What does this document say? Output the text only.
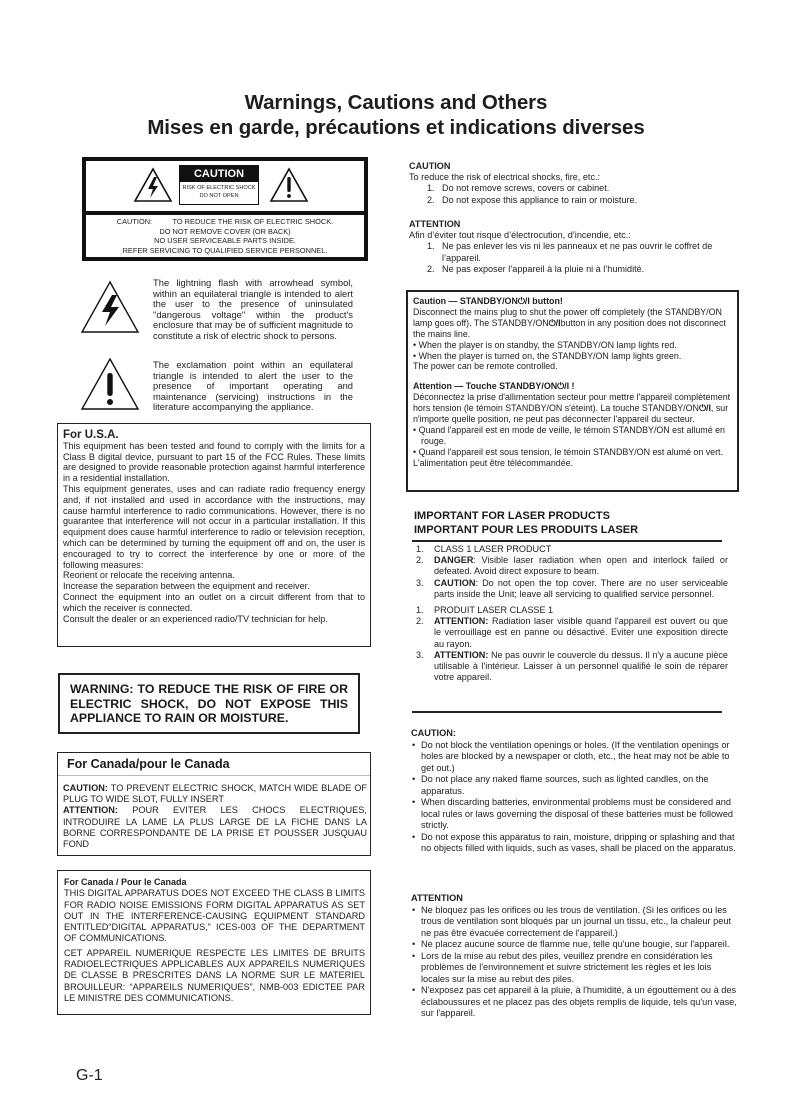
Warnings, Cautions and Others
Mises en garde, précautions et indications diverses
CAUTION
RISK OF ELECTRIC SHOCK
DO NOT OPEN
CAUTION:          TO REDUCE THE RISK OF ELECTRIC SHOCK.
DO NOT REMOVE COVER (OR BACK)
NO USER SERVICEABLE PARTS INSIDE.
REFER SERVICING TO QUALIFIED SERVICE PERSONNEL.
The lightning flash with arrowhead symbol, within an equilateral triangle is intended to alert the user to the presence of uninsulated "dangerous voltage" within the product's enclosure that may be of sufficient magnitude to constitute a risk of electric shock to persons.
The exclamation point within an equilateral triangle is intended to alert the user to the presence of important operating and maintenance (servicing) instructions in the literature accompanying the appliance.
For U.S.A.

This equipment has been tested and found to comply with the limits for a Class B digital device, pursuant to part 15 of the FCC Rules. These limits are designed to provide reasonable protection against harmful interference in a residential installation.

This equipment generates, uses and can radiate radio frequency energy and, if not installed and used in accordance with the instructions, may cause harmful interference to radio communications. However, there is no guarantee that interference will not occur in a particular installation. If this equipment does cause harmful interference to radio or television reception, which can be determined by turning the equipment off and on, the user is encouraged to try to correct the interference by one or more of the following measures:

Reorient or relocate the receiving antenna.

Increase the separation between the equipment and receiver.

Connect the equipment into an outlet on a circuit different from that to which the receiver is connected.

Consult the dealer or an experienced radio/TV technician for help.

WARNING: TO REDUCE THE RISK OF FIRE OR ELECTRIC SHOCK, DO NOT EXPOSE THIS APPLIANCE TO RAIN OR MOISTURE.
For Canada/pour le Canada
CAUTION: TO PREVENT ELECTRIC SHOCK, MATCH WIDE BLADE OF PLUG TO WIDE SLOT, FULLY INSERT
ATTENTION: POUR EVITER LES CHOCS ELECTRIQUES, INTRODUIRE LA LAME LA PLUS LARGE DE LA FICHE DANS LA BORNE CORRESPONDANTE DE LA PRISE ET POUSSER JUSQUAU FOND
For Canada / Pour le Canada

THIS DIGITAL APPARATUS DOES NOT EXCEED THE CLASS B LIMITS FOR RADIO NOISE EMISSIONS FORM DIGITAL APPARATUS AS SET OUT IN THE INTERFERENCE-CAUSING EQUIPMENT STANDARD ENTITLED“DIGITAL APPARATUS,” ICES-003 OF THE DEPARTMENT OF COMMUNICATIONS.

CET APPAREIL NUMERIQUE RESPECTE LES LIMITES DE BRUITS RADIOELECTRIQUES APPLICABLES AUX APPAREILS NUMERIQUES DE CLASSE B PRESCRITES DANS LA NORME SUR LE MATERIEL BROUILLEUR: “APPAREILS NUMERIQUES”, NMB-003 EDICTEE PAR LE MINISTRE DES COMMUNICATIONS.

CAUTION
To reduce the risk of electrical shocks, fire, etc.:
1. Do not remove screws, covers or cabinet.
2. Do not expose this appliance to rain or moisture.
ATTENTION
Afin d’éviter tout risque d’électrocution, d’incendie, etc.:
1. Ne pas enlever les vis ni les panneaux et ne pas ouvrir le coffret de l’appareil.
2. Ne pas exposer l’appareil à la pluie ni à l’humidité.
Caution — STANDBY/ON⏻/I button!
Disconnect the mains plug to shut the power off completely (the STANDBY/ON lamp goes off). The STANDBY/ON⏻/Ibutton in any position does not disconnect the mains line.
• When the player is on standby, the STANDBY/ON lamp lights red.
• When the player is turned on, the STANDBY/ON lamp lights green.
The power can be remote controlled.
Attention — Touche STANDBY/ON⏻/I !
Déconnectez la prise d'allimentation secteur pour mettre l'appareil complètement hors tension (le témoin STANDBY/ON s'éteint). La touche STANDBY/ON⏻/I, sur n'importe quelle position, ne peut pas déconnecter l'appareil du secteur.
• Quand l'appareil est en mode de veille, le témoin STANDBY/ON est allumé en rouge.
• Quand l'appareil est sous tension, le témoin STANDBY/ON est alumé on vert.
L'alimentation peut être télécommandée.
IMPORTANT FOR LASER PRODUCTS
IMPORTANT POUR LES PRODUITS LASER
1. CLASS 1 LASER PRODUCT
2. DANGER: Visible laser radiation when open and interlock failed or defeated. Avoid direct exposure to beam.
3. CAUTION: Do not open the top cover. There are no user serviceable parts inside the Unit; leave all servicing to qualified service personnel.
1. PRODUIT LASER CLASSE 1
2. ATTENTION: Radiation laser visible quand l'appareil est ouvert ou que le verrouillage est en panne ou désactivé. Eviter une exposition directe au rayon.
3. ATTENTION: Ne pas ouvrir le couvercle du dessus. Il n'y a aucune pièce utilisable à l'intérieur. Laisser à un personnel qualifié le soin de réparer votre appareil.
CAUTION:
• Do not block the ventilation openings or holes. (If the ventilation openings or holes are blocked by a newspaper or cloth, etc., the heat may not be able to get out.)
• Do not place any naked flame sources, such as lighted candles, on the apparatus.
• When discarding batteries, environmental problems must be considered and local rules or laws governing the disposal of these batteries must be followed strictly.
• Do not expose this apparatus to rain, moisture, dripping or splashing and that no objects filled with liquids, such as vases, shall be placed on the apparatus.
ATTENTION
• Ne bloquez pas les orifices ou les trous de ventilation. (Si les orifices ou les trous de ventilation sont bloqués par un journal un tissu, etc., la chaleur peut ne pas être évacuée correctement de l'appareil.)
• Ne placez aucune source de flamme nue, telle qu'une bougie, sur l'appareil.
• Lors de la mise au rebut des piles, veuillez prendre en considération les problèmes de l'environnement et suivre strictement les règles et les lois locales sur la mise au rebut des piles.
• N'exposez pas cet appareil à la pluie, à l'humidité, à un égouttement ou à des éclaboussures et ne placez pas des objets remplis de liquide, tels qu'un vase, sur l'appareil.
G-1
